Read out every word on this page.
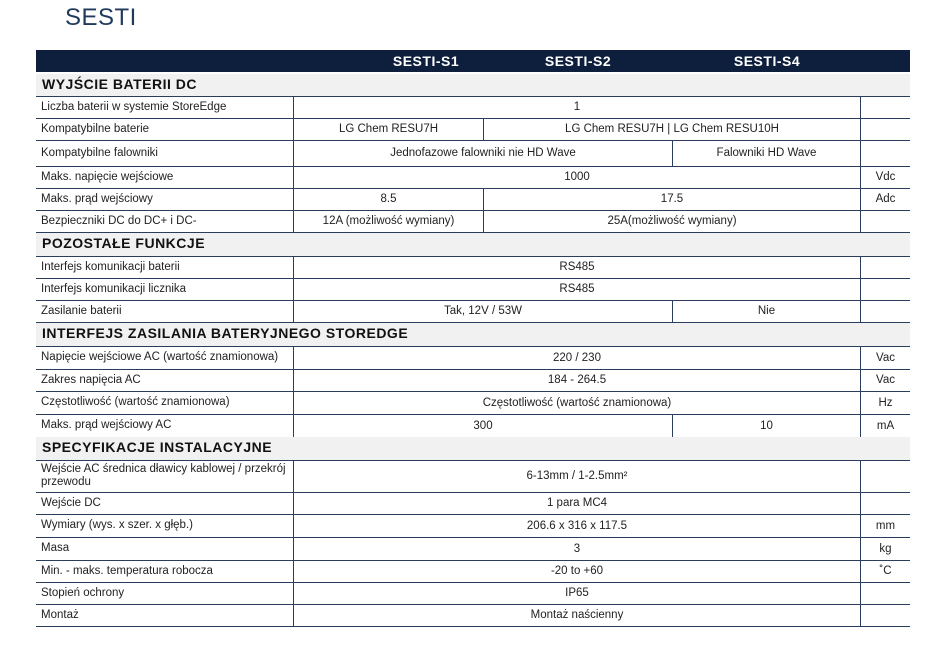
SESTI
SESTI-S1	SESTI-S2	SESTI-S4
WYJŚCIE BATERII DC
Liczba baterii w systemie StoreEdge	1
Kompatybilne baterie	LG Chem RESU7H	LG Chem RESU7H | LG Chem RESU10H
Kompatybilne falowniki	Jednofazowe falowniki nie HD Wave	Falowniki HD Wave
Maks. napięcie wejściowe	1000	Vdc
Maks. prąd wejściowy	8.5	17.5	Adc
Bezpieczniki DC do DC+ i DC-	12A (możliwość wymiany)	25A(możliwość wymiany)
POZOSTAŁE FUNKCJE
Interfejs komunikacji baterii	RS485
Interfejs komunikacji licznika	RS485
Zasilanie baterii	Tak, 12V / 53W	Nie
INTERFEJS ZASILANIA BATERYJNEGO STOREDGE
Napięcie wejściowe AC (wartość znamionowa)	220 / 230	Vac
Zakres napięcia AC	184 - 264.5	Vac
Częstotliwość (wartość znamionowa)	Częstotliwość (wartość znamionowa)	Hz
Maks. prąd wejściowy AC	300	10	mA
SPECYFIKACJE INSTALACYJNE
Wejście AC średnica dławicy kablowej / przekrój przewodu	6-13mm / 1-2.5mm²
Wejście DC	1 para MC4
Wymiary (wys. x szer. x głęb.)	206.6 x 316 x 117.5	mm
Masa	3	kg
Min. - maks. temperatura robocza	-20 to +60	˚C
Stopień ochrony	IP65
Montaż	Montaż naścienny
